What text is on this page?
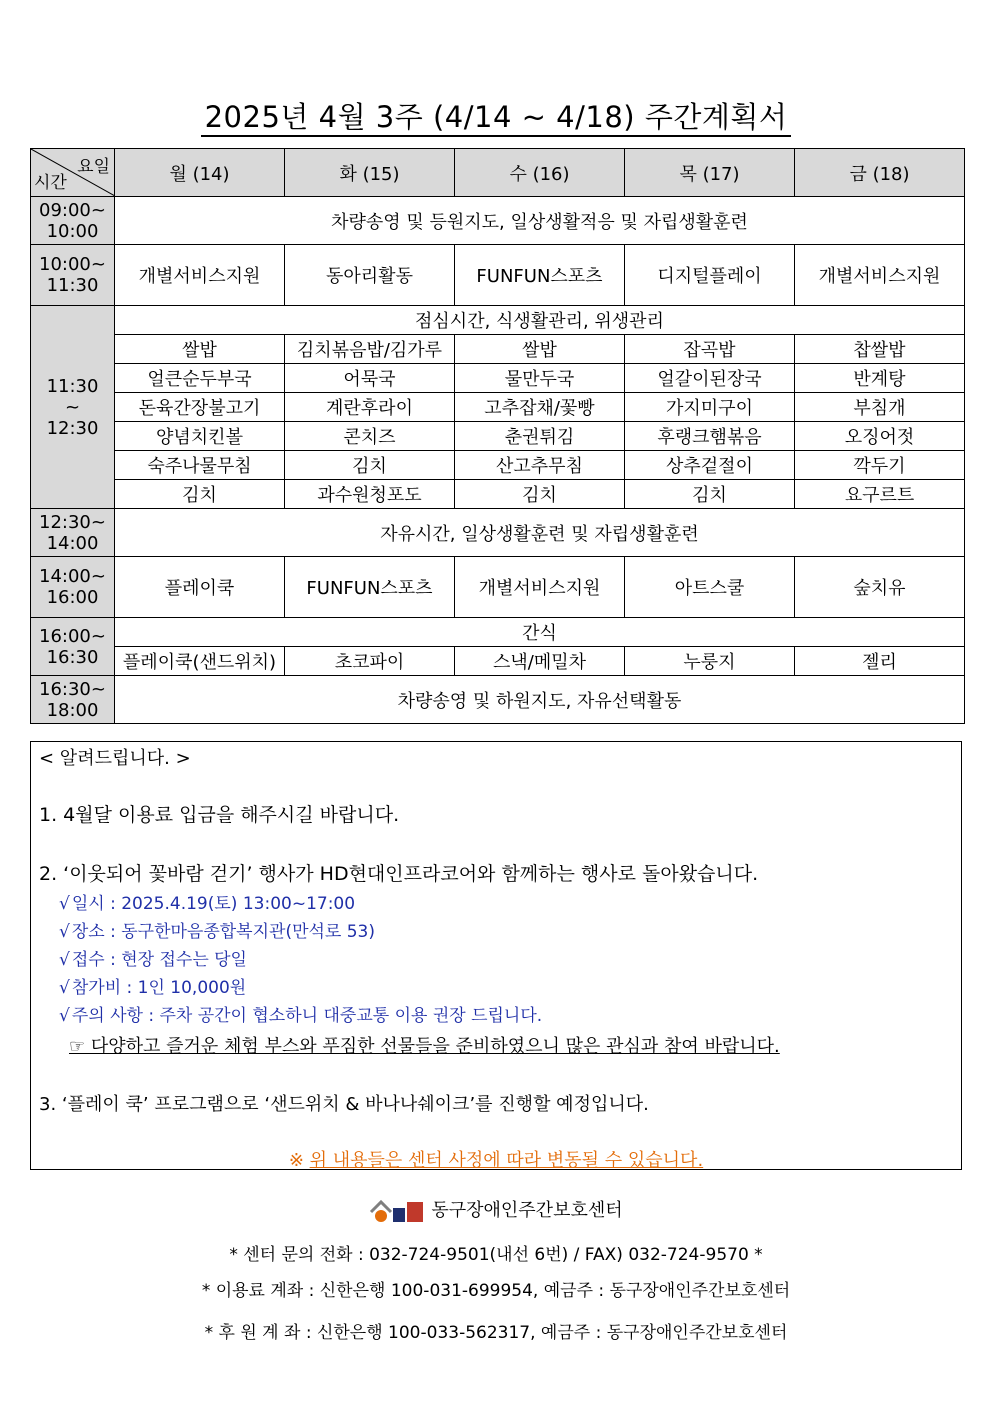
2025년 4월 3주 (4/14 ~ 4/18) 주간계획서
요일
시간	월 (14)	화 (15)	수 (16)	목 (17)	금 (18)
09:00~
10:00	차량송영 및 등원지도, 일상생활적응 및 자립생활훈련				
10:00~
11:30	개별서비스지원	동아리활동	FUNFUN스포츠	디지털플레이	개별서비스지원
11:30
~
12:30	점심시간, 식생활관리, 위생관리				
	쌀밥	김치볶음밥/김가루	쌀밥	잡곡밥	찹쌀밥
	얼큰순두부국	어묵국	물만두국	얼갈이된장국	반계탕
	돈육간장불고기	계란후라이	고추잡채/꽃빵	가지미구이	부침개
	양념치킨볼	콘치즈	춘권튀김	후랭크햄볶음	오징어젓
	숙주나물무침	김치	산고추무침	상추겉절이	깍두기
	김치	과수원청포도	김치	김치	요구르트
12:30~
14:00	자유시간, 일상생활훈련 및 자립생활훈련				
14:00~
16:00	플레이쿡	FUNFUN스포츠	개별서비스지원	아트스쿨	숲치유
16:00~
16:30	간식				
	플레이쿡(샌드위치)	초코파이	스낵/메밀차	누룽지	젤리
16:30~
18:00	차량송영 및 하원지도, 자유선택활동				
< 알려드립니다. >
1. 4월달 이용료 입금을 해주시길 바랍니다.
2. ‘이웃되어 꽃바람 걷기’ 행사가 HD현대인프라코어와 함께하는 행사로 돌아왔습니다.
√ 일시 : 2025.4.19(토) 13:00~17:00
√ 장소 : 동구한마음종합복지관(만석로 53)
√ 접수 : 현장 접수는 당일
√ 참가비 : 1인 10,000원
√ 주의 사항 : 주차 공간이 협소하니 대중교통 이용 권장 드립니다.
☞ 다양하고 즐거운 체험 부스와 푸짐한 선물들을 준비하였으니 많은 관심과 참여 바랍니다.
3. ‘플레이 쿡’ 프로그램으로 ‘샌드위치 & 바나나쉐이크’를 진행할 예정입니다.
※ 위 내용들은 센터 사정에 따라 변동될 수 있습니다.
동구장애인주간보호센터
* 센터 문의 전화 : 032-724-9501(내선 6번) / FAX) 032-724-9570 *
* 이용료 계좌 : 신한은행 100-031-699954, 예금주 : 동구장애인주간보호센터
* 후 원 계 좌 : 신한은행 100-033-562317, 예금주 : 동구장애인주간보호센터
